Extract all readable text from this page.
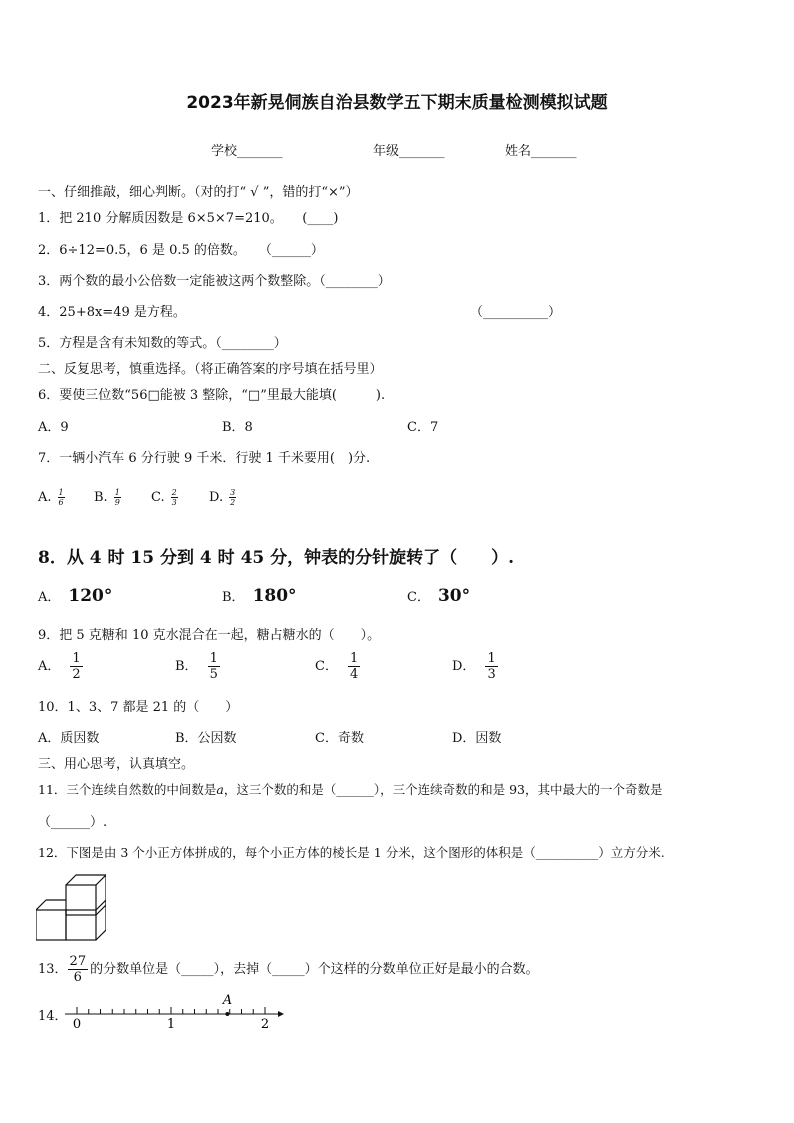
2023年新晃侗族自治县数学五下期末质量检测模拟试题
学校_______	年级_______	姓名_______
一、仔细推敲，细心判断。（对的打“ √ ”，错的打“×”）
1．把 210 分解质因数是 6×5×7=210。　　(____)
2．6÷12=0.5，6 是 0.5 的倍数。　　（______）
3．两个数的最小公倍数一定能被这两个数整除。（________）
4．25+8x=49 是方程。	（__________）
5．方程是含有未知数的等式。（________）
二、反复思考，慎重选择。（将正确答案的序号填在括号里）
6．要使三位数“56□能被 3 整除，“□”里最大能填(　　　).
A．9	B．8	C．7
7．一辆小汽车 6 分行驶 9 千米．行驶 1 千米要用(　)分.
A. $\frac{1}{6} B$. $\frac{1}{9} C$. $\frac{2}{3} D$. $\frac{3}{2}$
8．从 4 时 15 分到 4 时 45 分，钟表的分针旋转了（　　）.
A． 120°	B． 180°	C． 30°
9．把 5 克糖和 10 克水混合在一起，糖占糖水的（　　）。
A． $\frac{1}{2}$	B． $\frac{1}{5}$	C． $\frac{1}{4}$	D． $\frac{1}{3}$
10．1、3、7 都是 21 的（　　）
A．质因数	B．公因数	C．奇数	D．因数
三、用心思考，认真填空。
11．三个连续自然数的中间数是a，这三个数的和是（______），三个连续奇数的和是 93，其中最大的一个奇数是
（______）.
12．下图是由 3 个小正方体拼成的，每个小正方体的棱长是 1 分米，这个图形的体积是（__________）立方分米.
13． $\frac{27}{6}$ 的分数单位是（_____），去掉（_____）个这样的分数单位正好是最小的合数。
14．
A
0	1	2
